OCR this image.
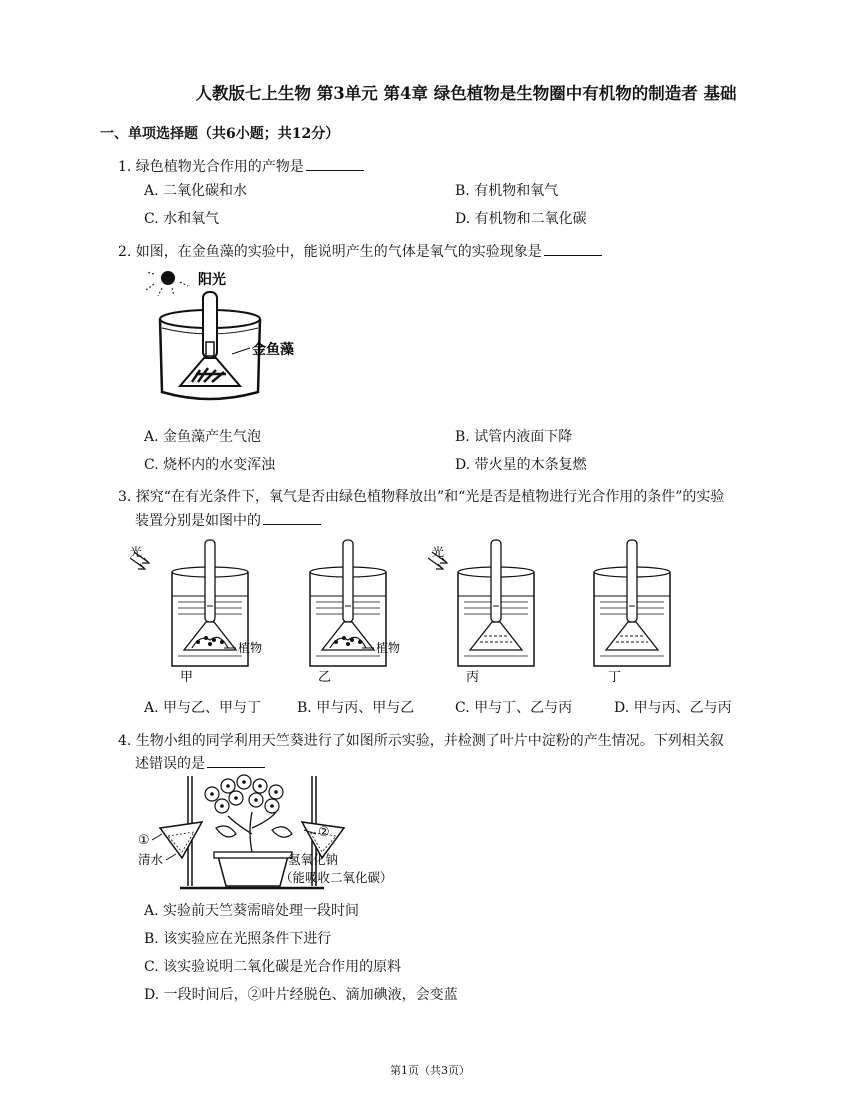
人教版七上生物 第3单元 第4章 绿色植物是生物圈中有机物的制造者 基础
一、单项选择题（共6小题；共12分）
1. 绿色植物光合作用的产物是
A. 二氧化碳和水	B. 有机物和氧气
C. 水和氧气	D. 有机物和二氧化碳
2. 如图，在金鱼藻的实验中，能说明产生的气体是氧气的实验现象是
阳光
金鱼藻
A. 金鱼藻产生气泡	B. 试管内液面下降
C. 烧杯内的水变浑浊	D. 带火星的木条复燃
3. 探究“在有光条件下，氧气是否由绿色植物释放出”和“光是否是植物进行光合作用的条件”的实验
装置分别是如图中的
光
植物
甲
植物
乙
光
丙	丁
A. 甲与乙、甲与丁	B. 甲与丙、甲与乙	C. 甲与丁、乙与丙	D. 甲与丙、乙与丙
4. 生物小组的同学利用天竺葵进行了如图所示实验，并检测了叶片中淀粉的产生情况。下列相关叙
述错误的是
①
②
清水	氢氧化钠
（能吸收二氧化碳）
A. 实验前天竺葵需暗处理一段时间
B. 该实验应在光照条件下进行
C. 该实验说明二氧化碳是光合作用的原料
D. 一段时间后，②叶片经脱色、滴加碘液，会变蓝
第1页（共3页）
